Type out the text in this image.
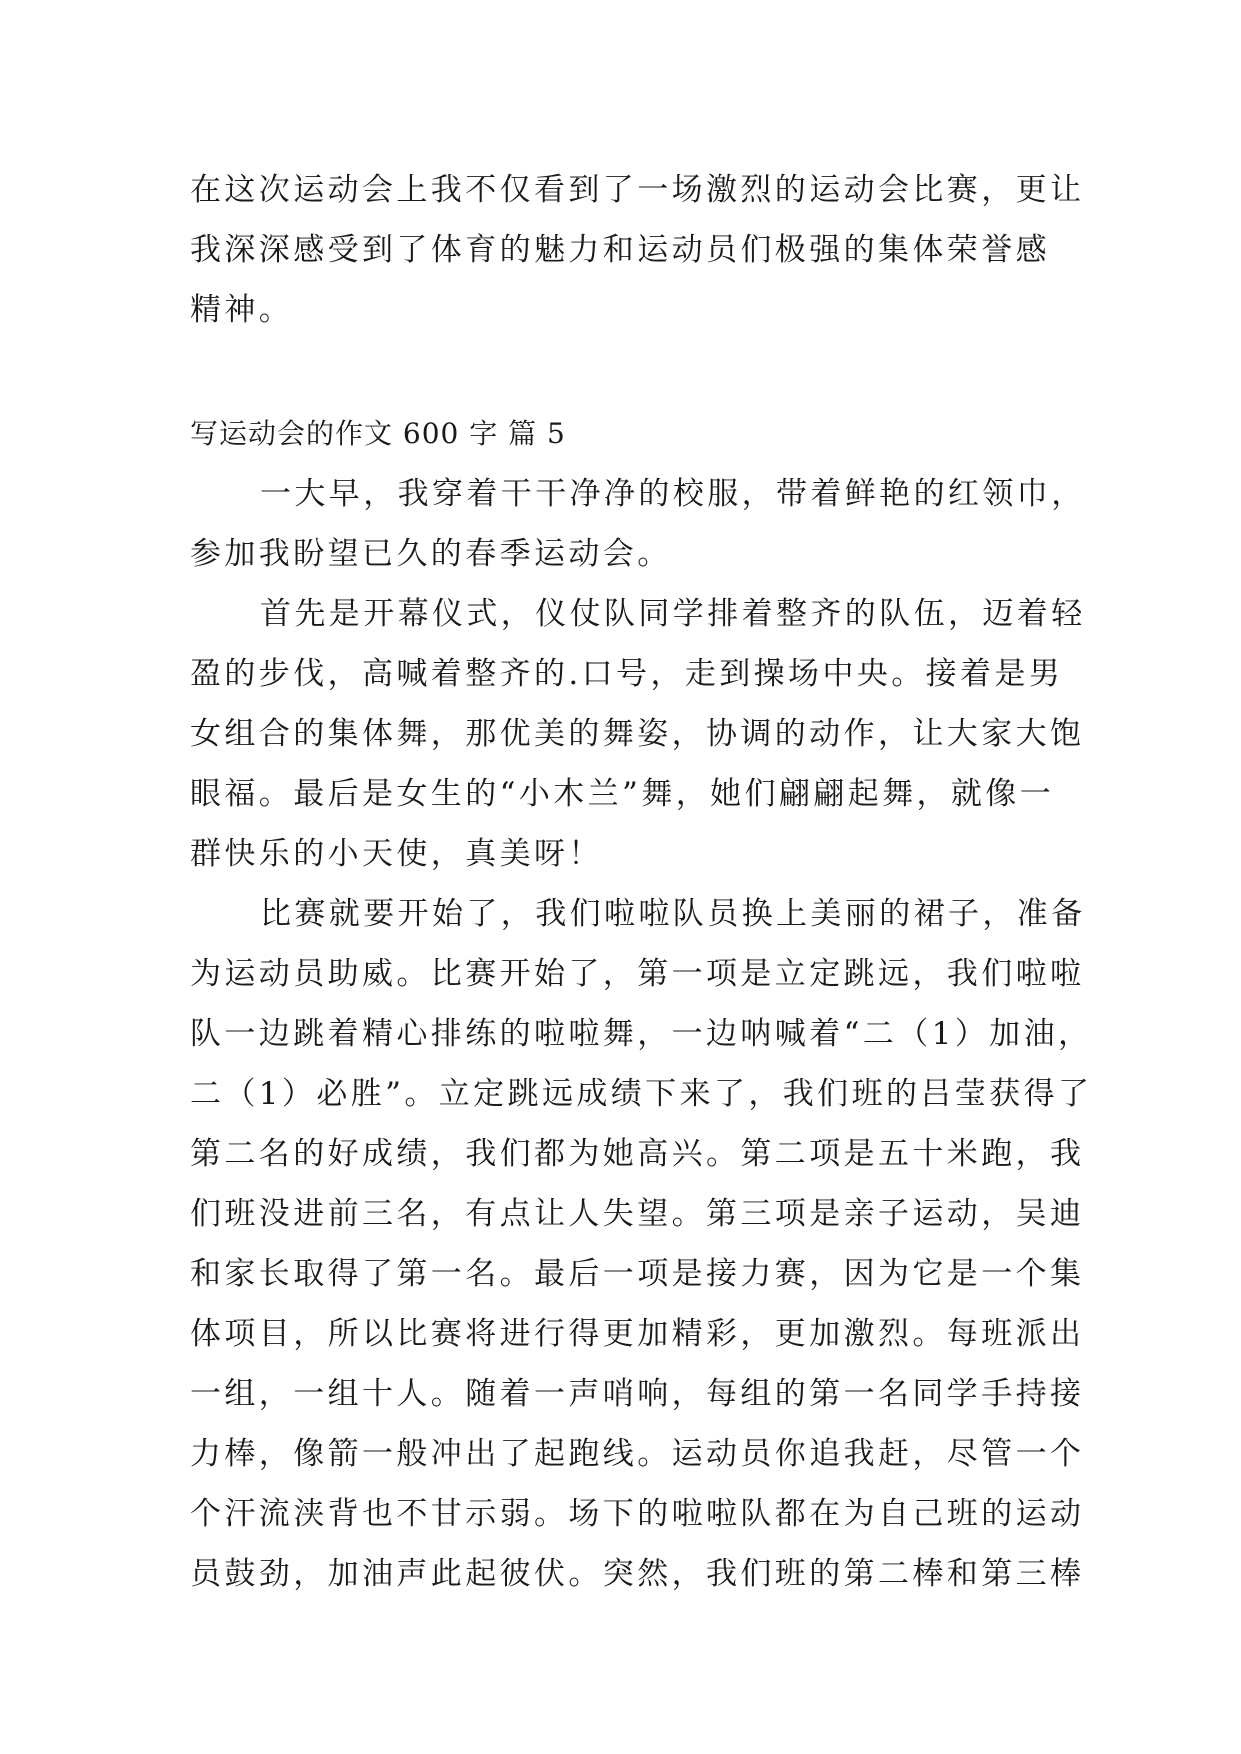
在这次运动会上我不仅看到了一场激烈的运动会比赛，更让
我深深感受到了体育的魅力和运动员们极强的集体荣誉感
精神。
写运动会的作文 600 字 篇 5
一大早，我穿着干干净净的校服，带着鲜艳的红领巾，
参加我盼望已久的春季运动会。
首先是开幕仪式，仪仗队同学排着整齐的队伍，迈着轻
盈的步伐，高喊着整齐的.口号，走到操场中央。接着是男
女组合的集体舞，那优美的舞姿，协调的动作，让大家大饱
眼福。最后是女生的“小木兰”舞，她们翩翩起舞，就像一
群快乐的小天使，真美呀！
比赛就要开始了，我们啦啦队员换上美丽的裙子，准备
为运动员助威。比赛开始了，第一项是立定跳远，我们啦啦
队一边跳着精心排练的啦啦舞，一边呐喊着“二（1）加油，
二（1）必胜”。立定跳远成绩下来了，我们班的吕莹获得了
第二名的好成绩，我们都为她高兴。第二项是五十米跑，我
们班没进前三名，有点让人失望。第三项是亲子运动，吴迪
和家长取得了第一名。最后一项是接力赛，因为它是一个集
体项目，所以比赛将进行得更加精彩，更加激烈。每班派出
一组，一组十人。随着一声哨响，每组的第一名同学手持接
力棒，像箭一般冲出了起跑线。运动员你追我赶，尽管一个
个汗流浃背也不甘示弱。场下的啦啦队都在为自己班的运动
员鼓劲，加油声此起彼伏。突然，我们班的第二棒和第三棒
